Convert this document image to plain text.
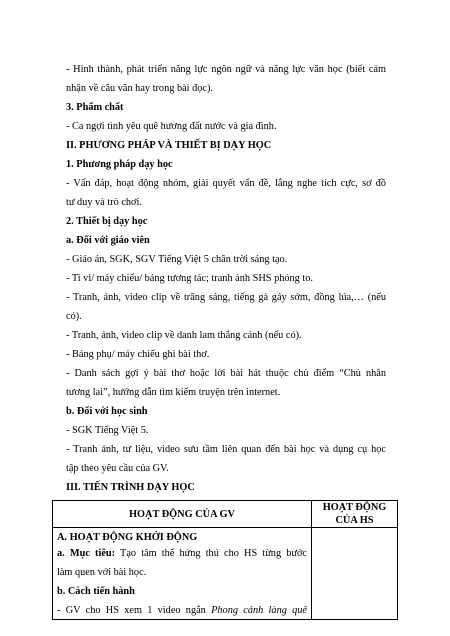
- Hình thành, phát triển năng lực ngôn ngữ và năng lực văn học (biết cảm
nhận về câu văn hay trong bài đọc).
3. Phẩm chất
- Ca ngợi tình yêu quê hương đất nước và gia đình.
II. PHƯƠNG PHÁP VÀ THIẾT BỊ DẠY HỌC
1. Phương pháp dạy học
- Vấn đáp, hoạt động nhóm, giải quyết vấn đề, lắng nghe tích cực, sơ đồ
tư duy và trò chơi.
2. Thiết bị dạy học
a. Đối với giáo viên
- Giáo án, SGK, SGV Tiếng Việt 5 chân trời sáng tạo.
- Ti vi/ máy chiếu/ bảng tương tác; tranh ảnh SHS phóng to.
- Tranh, ảnh, video clip về trăng sáng, tiếng gà gáy sớm, đồng lúa,… (nếu
có).
- Tranh, ảnh, video clip về danh lam thắng cảnh (nếu có).
- Bảng phụ/ máy chiếu ghi bài thơ.
- Danh sách gợi ý bài thơ hoặc lời bài hát thuộc chủ điểm “Chủ nhân
tương lai”, hướng dẫn tìm kiếm truyện trên internet.
b. Đối với học sinh
- SGK Tiếng Việt 5.
- Tranh ảnh, tư liệu, video sưu tầm liên quan đến bài học và dụng cụ học
tập theo yêu cầu của GV.
III. TIẾN TRÌNH DẠY HỌC
HOẠT ĐỘNG CỦA GV	HOẠT ĐỘNG CỦA HS

A. HOẠT ĐỘNG KHỞI ĐỘNG
a. Mục tiêu: Tạo tâm thế hứng thú cho HS từng bước
làm quen với bài học.
b. Cách tiến hành
- GV cho HS xem 1 video ngắn Phong cảnh làng quê	
